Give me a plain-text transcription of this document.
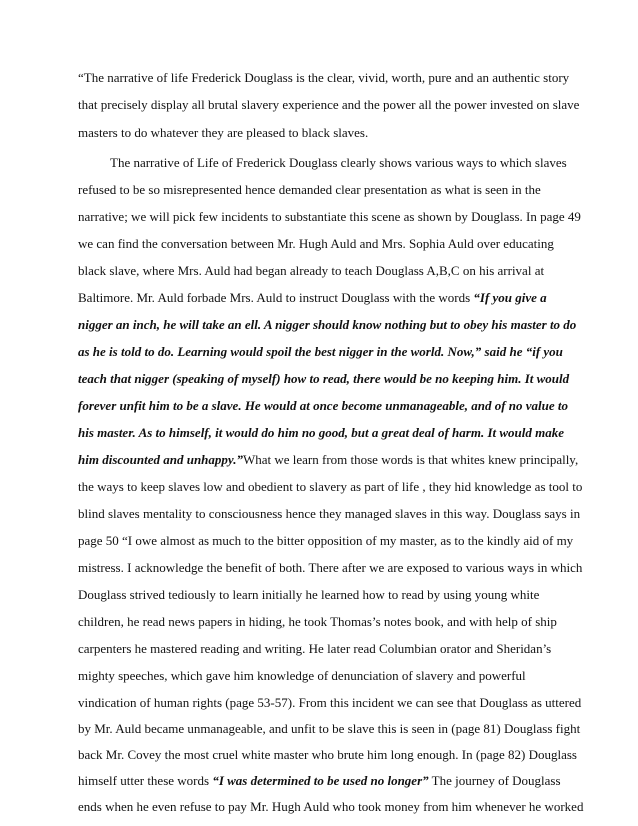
“The narrative of life Frederick Douglass is the clear, vivid, worth, pure and an authentic story
that precisely display all brutal slavery experience and the power all the power invested on slave
masters to do whatever they are pleased to black slaves.
The narrative of Life of Frederick Douglass clearly shows various ways to which slaves
refused to be so misrepresented hence demanded clear presentation as what is seen in the
narrative; we will pick few incidents to substantiate this scene as shown by Douglass. In page 49
we can find the conversation between Mr. Hugh Auld and Mrs. Sophia Auld over educating
black slave, where Mrs. Auld had began already to teach Douglass A,B,C on his arrival at
Baltimore. Mr. Auld forbade Mrs. Auld to instruct Douglass with the words “If you give a
nigger an inch, he will take an ell. A nigger should know nothing but to obey his master to do
as he is told to do. Learning would spoil the best nigger in the world. Now,” said he “if you
teach that nigger (speaking of myself) how to read, there would be no keeping him. It would
forever unfit him to be a slave. He would at once become unmanageable, and of no value to
his master. As to himself, it would do him no good, but a great deal of harm. It would make
him discounted and unhappy.”What we learn from those words is that whites knew principally,
the ways to keep slaves low and obedient to slavery as part of life , they hid knowledge as tool to
blind slaves mentality to consciousness hence they managed slaves in this way. Douglass says in
page 50 “I owe almost as much to the bitter opposition of my master, as to the kindly aid of my
mistress. I acknowledge the benefit of both. There after we are exposed to various ways in which
Douglass strived tediously to learn initially he learned how to read by using young white
children, he read news papers in hiding, he took Thomas’s notes book, and with help of ship
carpenters he mastered reading and writing. He later read Columbian orator and Sheridan’s
mighty speeches, which gave him knowledge of denunciation of slavery and powerful
vindication of human rights (page 53-57). From this incident we can see that Douglass as uttered
by Mr. Auld became unmanageable, and unfit to be slave this is seen in (page 81) Douglass fight
back Mr. Covey the most cruel white master who brute him long enough. In (page 82) Douglass
himself utter these words “I was determined to be used no longer” The journey of Douglass
ends when he even refuse to pay Mr. Hugh Auld who took money from him whenever he worked
